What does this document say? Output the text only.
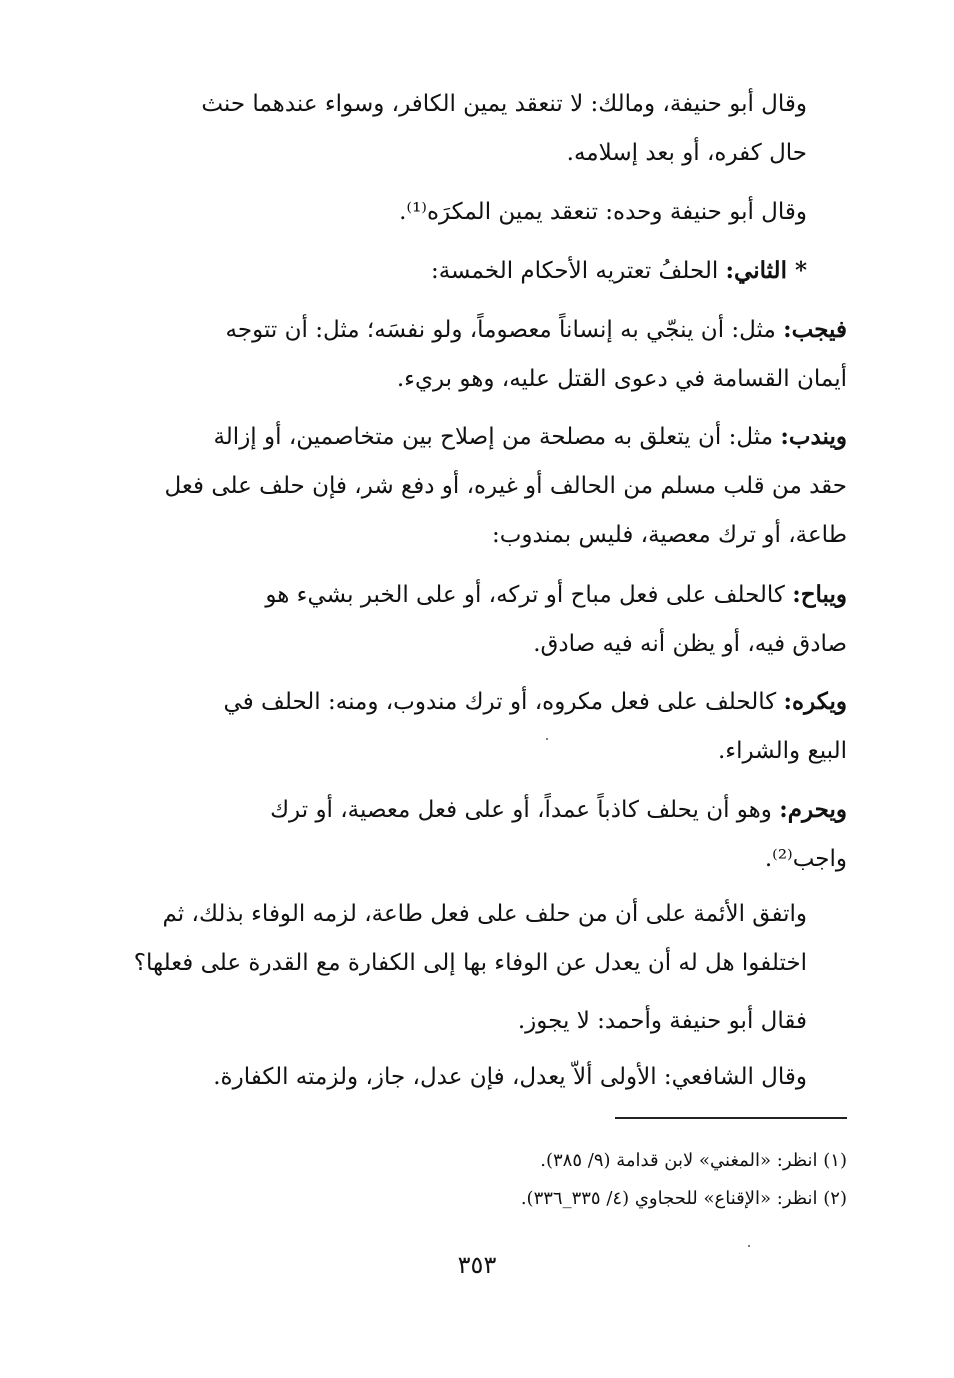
وقال أبو حنيفة، ومالك: لا تنعقد يمين الكافر، وسواء عندهما حنث
حال كفره، أو بعد إسلامه.
وقال أبو حنيفة وحده: تنعقد يمين المكرَه⁽¹⁾.
* الثاني: الحلفُ تعتريه الأحكام الخمسة:
فيجب: مثل: أن ينجّي به إنساناً معصوماً، ولو نفسَه؛ مثل: أن تتوجه
أيمان القسامة في دعوى القتل عليه، وهو بريء.
ويندب: مثل: أن يتعلق به مصلحة من إصلاح بين متخاصمين، أو إزالة
حقد من قلب مسلم من الحالف أو غيره، أو دفع شر، فإن حلف على فعل
طاعة، أو ترك معصية، فليس بمندوب:
ويباح: كالحلف على فعل مباح أو تركه، أو على الخبر بشيء هو
صادق فيه، أو يظن أنه فيه صادق.
ويكره: كالحلف على فعل مكروه، أو ترك مندوب، ومنه: الحلف في
البيع والشراء.
ويحرم: وهو أن يحلف كاذباً عمداً، أو على فعل معصية، أو ترك
واجب⁽²⁾.
واتفق الأئمة على أن من حلف على فعل طاعة، لزمه الوفاء بذلك، ثم
اختلفوا هل له أن يعدل عن الوفاء بها إلى الكفارة مع القدرة على فعلها؟
فقال أبو حنيفة وأحمد: لا يجوز.
وقال الشافعي: الأولى ألاّ يعدل، فإن عدل، جاز، ولزمته الكفارة.
(١) انظر: «المغني» لابن قدامة (٩/ ٣٨٥).
(٢) انظر: «الإقناع» للحجاوي (٤/ ٣٣٥_٣٣٦).
٣٥٣
